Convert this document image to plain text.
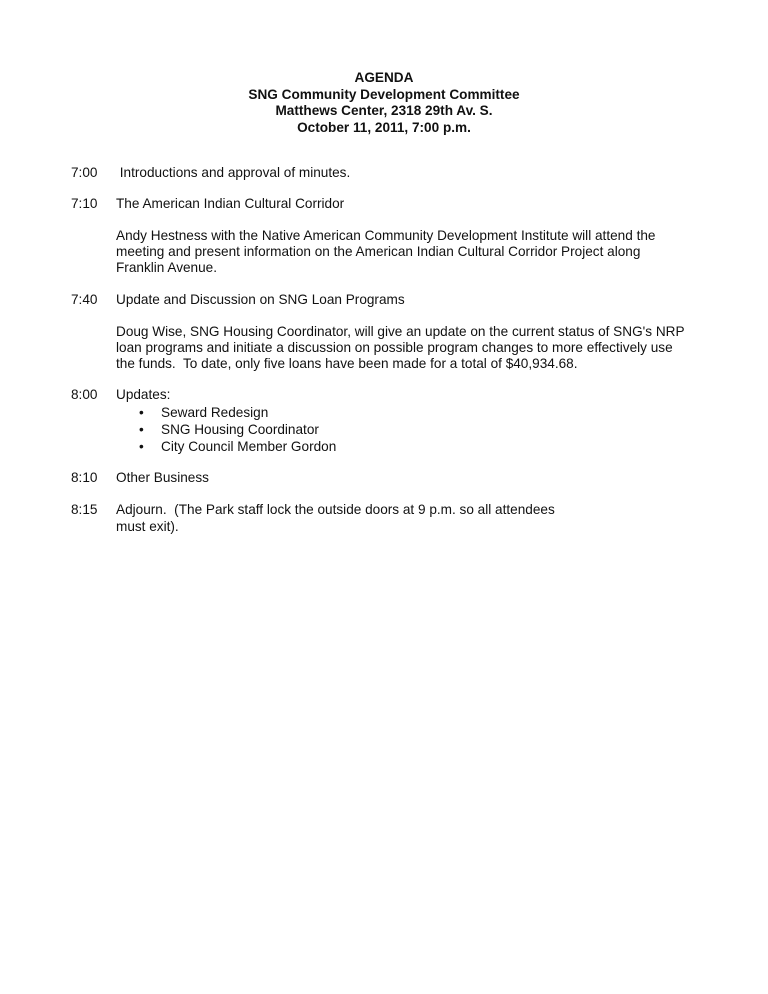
AGENDA
SNG Community Development Committee
Matthews Center, 2318 29th Av. S.
October 11, 2011, 7:00 p.m.
7:00	Introductions and approval of minutes.
7:10	The American Indian Cultural Corridor
Andy Hestness with the Native American Community Development Institute will attend the
meeting and present information on the American Indian Cultural Corridor Project along
Franklin Avenue.
7:40	Update and Discussion on SNG Loan Programs
Doug Wise, SNG Housing Coordinator, will give an update on the current status of SNG's NRP
loan programs and initiate a discussion on possible program changes to more effectively use
the funds.  To date, only five loans have been made for a total of $40,934.68.
8:00	Updates:
• Seward Redesign
• SNG Housing Coordinator
• City Council Member Gordon
8:10	Other Business
8:15	Adjourn.  (The Park staff lock the outside doors at 9 p.m. so all attendees
must exit).
